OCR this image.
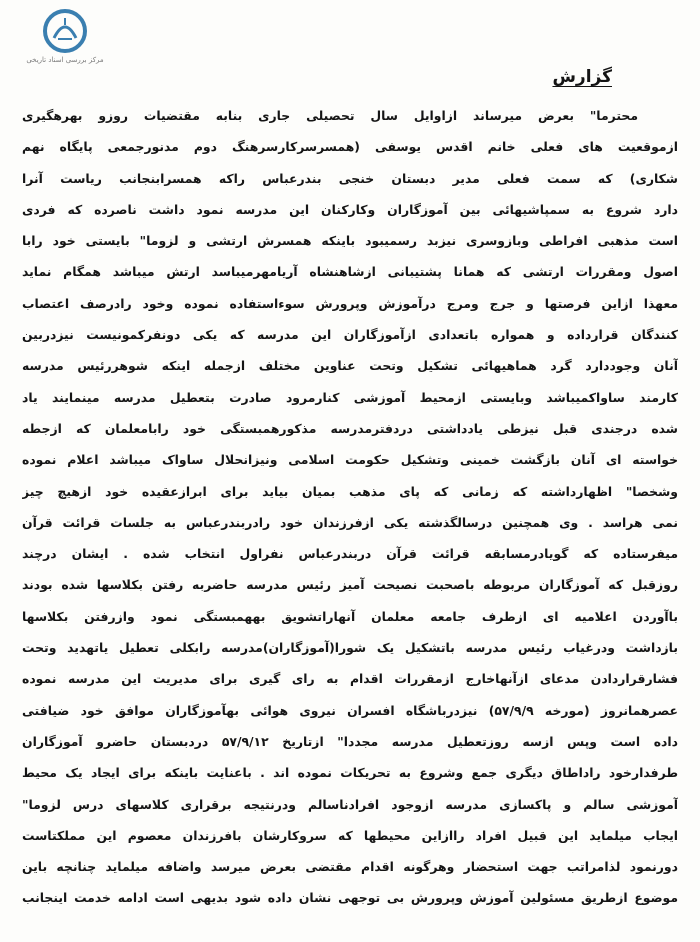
مرکز بررسی اسناد تاریخی
گزارش
محترما" بعرض میرساند ازاوایل سال تحصیلی جاری بنابه مقتضیات روزو بهرهگیری
ازموقعیت های فعلی خانم اقدس یوسفی (همسرسرکارسرهنگ دوم مدنورجمعی پایگاه نهم
شکاری) که سمت فعلی مدیر دبستان خنجی بندرعباس راکه همسرابنجانب ریاست آنرا
دارد شروع به سمپاشیهائی بین آموزگاران وکارکنان این مدرسه نمود داشت ناصرده که فردی
است مذهبی افراطی وبازوسری نیزبد رسمیبود باینکه همسرش ارتشی و لزوما" بایستی خود رابا
اصول ومقررات ارتشی که همانا پشتیبانی ازشاهنشاه آریامهرمیباسد ارتش میباشد همگام نماید
معهذا ازاین فرصتها و جرج ومرج درآموزش وپرورش سوءاستفاده نموده وخود رادرصف اعتصاب
کنندگان قرارداده و همواره باتعدادی ازآموزگاران این مدرسه که یکی دونفرکمونیست نیزدربین
آنان وجوددارد گرد هماهیهائی تشکیل وتحت عناوین مختلف ازجمله اینکه شوهررئیس مدرسه
کارمند ساواکمیباشد وبایستی ازمحیط آموزشی کنارمرود صادرت بتعطیل مدرسه مینمایند یاد
شده درجندی قبل نیزطی یادداشتی دردفترمدرسه مذکورهمبستگی خود رابامعلمان که ازجطه
خواسته ای آنان بازگشت خمینی وتشکیل حکومت اسلامی ونیزانحلال ساواک میباشد اعلام نموده
وشخصا" اظهارداشته که زمانی که پای مذهب بمیان بیاید برای ابرازعقیده خود ازهیچ چیز
نمی هراسد . وی همچنین درسالگذشته یکی ازفرزندان خود رادربندرعباس به جلسات قرائت قرآن
میفرستاده که گویادرمسابقه قرائت قرآن دربندرعباس نفراول انتخاب شده . ایشان درچند
روزقبل که آموزگاران مربوطه باصحبت نصیحت آمیز رئیس مدرسه حاضربه رفتن بکلاسها شده بودند
باآوردن اعلامیه ای ازطرف جامعه معلمان آنهاراتشویق بههمبستگی نمود وازرفتن بکلاسها
بازداشت ودرغیاب رئیس مدرسه باتشکیل یک شورا(آموزگاران)مدرسه رابکلی تعطیل یاتهدید وتحت
فشارقراردادن مدعای ازآنهاخارج ازمقررات اقدام به رای گیری برای مدیریت این مدرسه نموده
عصرهمانروز (مورخه ۵۷/۹/۹) نیزدرباشگاه افسران نیروی هوائی بهآموزگاران موافق خود ضیافتی
داده است وپس ازسه روزتعطیل مدرسه مجددا" ازتاریخ ۵۷/۹/۱۲ دردبستان حاضرو آموزگاران
طرفدارخود راداطاق دیگری جمع وشروع به تحریکات نموده اند . باعنایت باینکه برای ایجاد یک محیط
آموزشی سالم و پاکسازی مدرسه ازوجود افرادناسالم ودرنتیجه برقراری کلاسهای درس لزوما"
ایجاب میلماید این قبیل افراد راازاین محیطها که سروکارشان بافرزندان معصوم این مملکتاست
دورنمود لذامراتب جهت استحضار وهرگونه اقدام مقتضی بعرض میرسد واضافه میلماید چنانچه باین
موضوع ازطریق مسئولین آموزش وپرورش بی توجهی نشان داده شود بدیهی است ادامه خدمت اینجانب
